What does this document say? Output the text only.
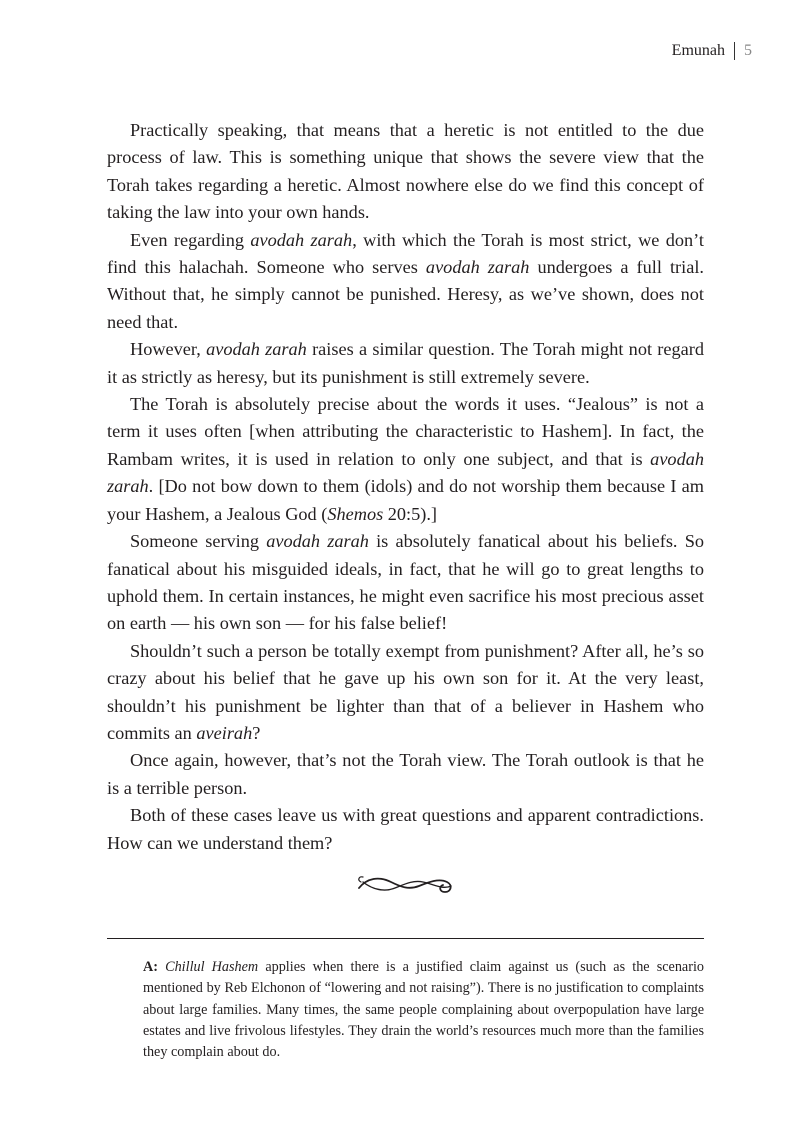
Emunah 5

Practically speaking, that means that a heretic is not entitled to the due process of law. This is something unique that shows the severe view that the Torah takes regarding a heretic. Almost nowhere else do we find this concept of taking the law into your own hands.

Even regarding avodah zarah, with which the Torah is most strict, we don’t find this halachah. Someone who serves avodah zarah undergoes a full trial. Without that, he simply cannot be punished. Heresy, as we’ve shown, does not need that.

However, avodah zarah raises a similar question. The Torah might not regard it as strictly as heresy, but its punishment is still extremely severe.

The Torah is absolutely precise about the words it uses. “Jealous” is not a term it uses often [when attributing the characteristic to Hashem]. In fact, the Rambam writes, it is used in relation to only one subject, and that is avodah zarah. [Do not bow down to them (idols) and do not worship them because I am your Hashem, a Jealous God (Shemos 20:5).]

Someone serving avodah zarah is absolutely fanatical about his beliefs. So fanatical about his misguided ideals, in fact, that he will go to great lengths to uphold them. In certain instances, he might even sacrifice his most precious asset on earth — his own son — for his false belief!

Shouldn’t such a person be totally exempt from punishment? After all, he’s so crazy about his belief that he gave up his own son for it. At the very least, shouldn’t his punishment be lighter than that of a believer in Hashem who commits an aveirah?

Once again, however, that’s not the Torah view. The Torah outlook is that he is a terrible person.

Both of these cases leave us with great questions and apparent contradictions. How can we understand them?

A: Chillul Hashem applies when there is a justified claim against us (such as the scenario mentioned by Reb Elchonon of “lowering and not raising”). There is no justification to complaints about large families. Many times, the same people complaining about overpopulation have large estates and live frivolous lifestyles. They drain the world’s resources much more than the families they complain about do.
